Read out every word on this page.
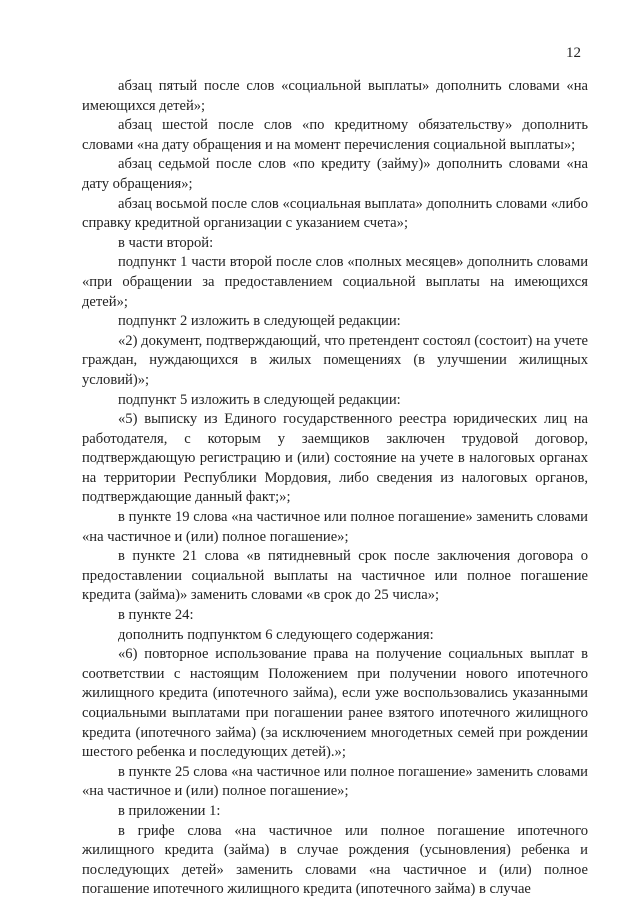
12

абзац пятый после слов «социальной выплаты» дополнить словами «на имеющихся детей»;

абзац шестой после слов «по кредитному обязательству» дополнить словами «на дату обращения и на момент перечисления социальной выплаты»;

абзац седьмой после слов «по кредиту (займу)» дополнить словами «на дату обращения»;

абзац восьмой после слов «социальная выплата» дополнить словами «либо справку кредитной организации с указанием счета»;

в части второй:

подпункт 1 части второй после слов «полных месяцев» дополнить словами «при обращении за предоставлением социальной выплаты на имеющихся детей»;

подпункт 2 изложить в следующей редакции:

«2) документ, подтверждающий, что претендент состоял (состоит) на учете граждан, нуждающихся в жилых помещениях (в улучшении жилищных условий)»;

подпункт 5 изложить в следующей редакции:

«5) выписку из Единого государственного реестра юридических лиц на работодателя, с которым у заемщиков заключен трудовой договор, подтверждающую регистрацию и (или) состояние на учете в налоговых органах на территории Республики Мордовия, либо сведения из налоговых органов, подтверждающие данный факт;»;

в пункте 19 слова «на частичное или полное погашение» заменить словами «на частичное и (или) полное погашение»;

в пункте 21 слова «в пятидневный срок после заключения договора о предоставлении социальной выплаты на частичное или полное погашение кредита (займа)» заменить словами «в срок до 25 числа»;

в пункте 24:

дополнить подпунктом 6 следующего содержания:

«6) повторное использование права на получение социальных выплат в соответствии с настоящим Положением при получении нового ипотечного жилищного кредита (ипотечного займа), если уже воспользовались указанными социальными выплатами при погашении ранее взятого ипотечного жилищного кредита (ипотечного займа) (за исключением многодетных семей при рождении шестого ребенка и последующих детей).»;

в пункте 25 слова «на частичное или полное погашение» заменить словами «на частичное и (или) полное погашение»;

в приложении 1:

в грифе слова «на частичное или полное погашение ипотечного жилищного кредита (займа) в случае рождения (усыновления) ребенка и последующих детей» заменить словами «на частичное и (или) полное погашение ипотечного жилищного кредита (ипотечного займа) в случае
